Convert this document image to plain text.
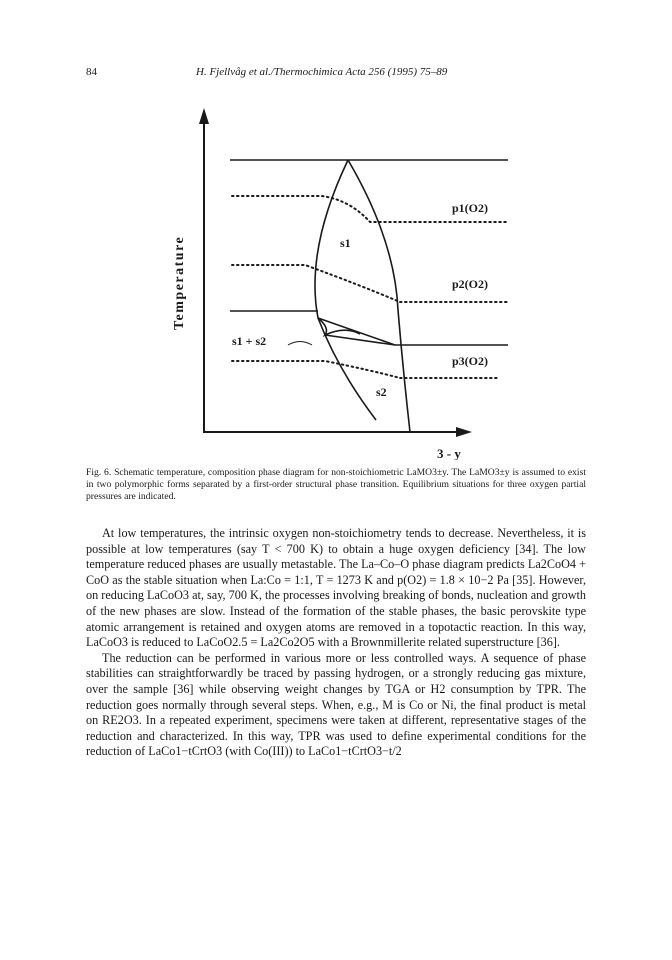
84	H. Fjellvåg et al./Thermochimica Acta 256 (1995) 75–89
Temperature
3 - y
p1(O2)
p2(O2)
p3(O2)
s1
s1 + s2
s2
Fig. 6. Schematic temperature, composition phase diagram for non-stoichiometric LaMO3±y. The LaMO3±y is assumed to exist in two polymorphic forms separated by a first-order structural phase transition. Equilibrium situations for three oxygen partial pressures are indicated.

At low temperatures, the intrinsic oxygen non-stoichiometry tends to decrease. Nevertheless, it is possible at low temperatures (say T < 700 K) to obtain a huge oxygen deficiency [34]. The low temperature reduced phases are usually metastable. The La–Co–O phase diagram predicts La2CoO4 + CoO as the stable situation when La:Co = 1:1, T = 1273 K and p(O2) = 1.8 × 10−2 Pa [35]. However, on reducing LaCoO3 at, say, 700 K, the processes involving breaking of bonds, nucleation and growth of the new phases are slow. Instead of the formation of the stable phases, the basic perovskite type atomic arrangement is retained and oxygen atoms are removed in a topotactic reaction. In this way, LaCoO3 is reduced to LaCoO2.5 = La2Co2O5 with a Brownmillerite related superstructure [36].

The reduction can be performed in various more or less controlled ways. A sequence of phase stabilities can straightforwardly be traced by passing hydrogen, or a strongly reducing gas mixture, over the sample [36] while observing weight changes by TGA or H2 consumption by TPR. The reduction goes normally through several steps. When, e.g., M is Co or Ni, the final product is metal on RE2O3. In a repeated experiment, specimens were taken at different, representative stages of the reduction and characterized. In this way, TPR was used to define experimental conditions for the reduction of LaCo1−tCrtO3 (with Co(III)) to LaCo1−tCrtO3−t/2
